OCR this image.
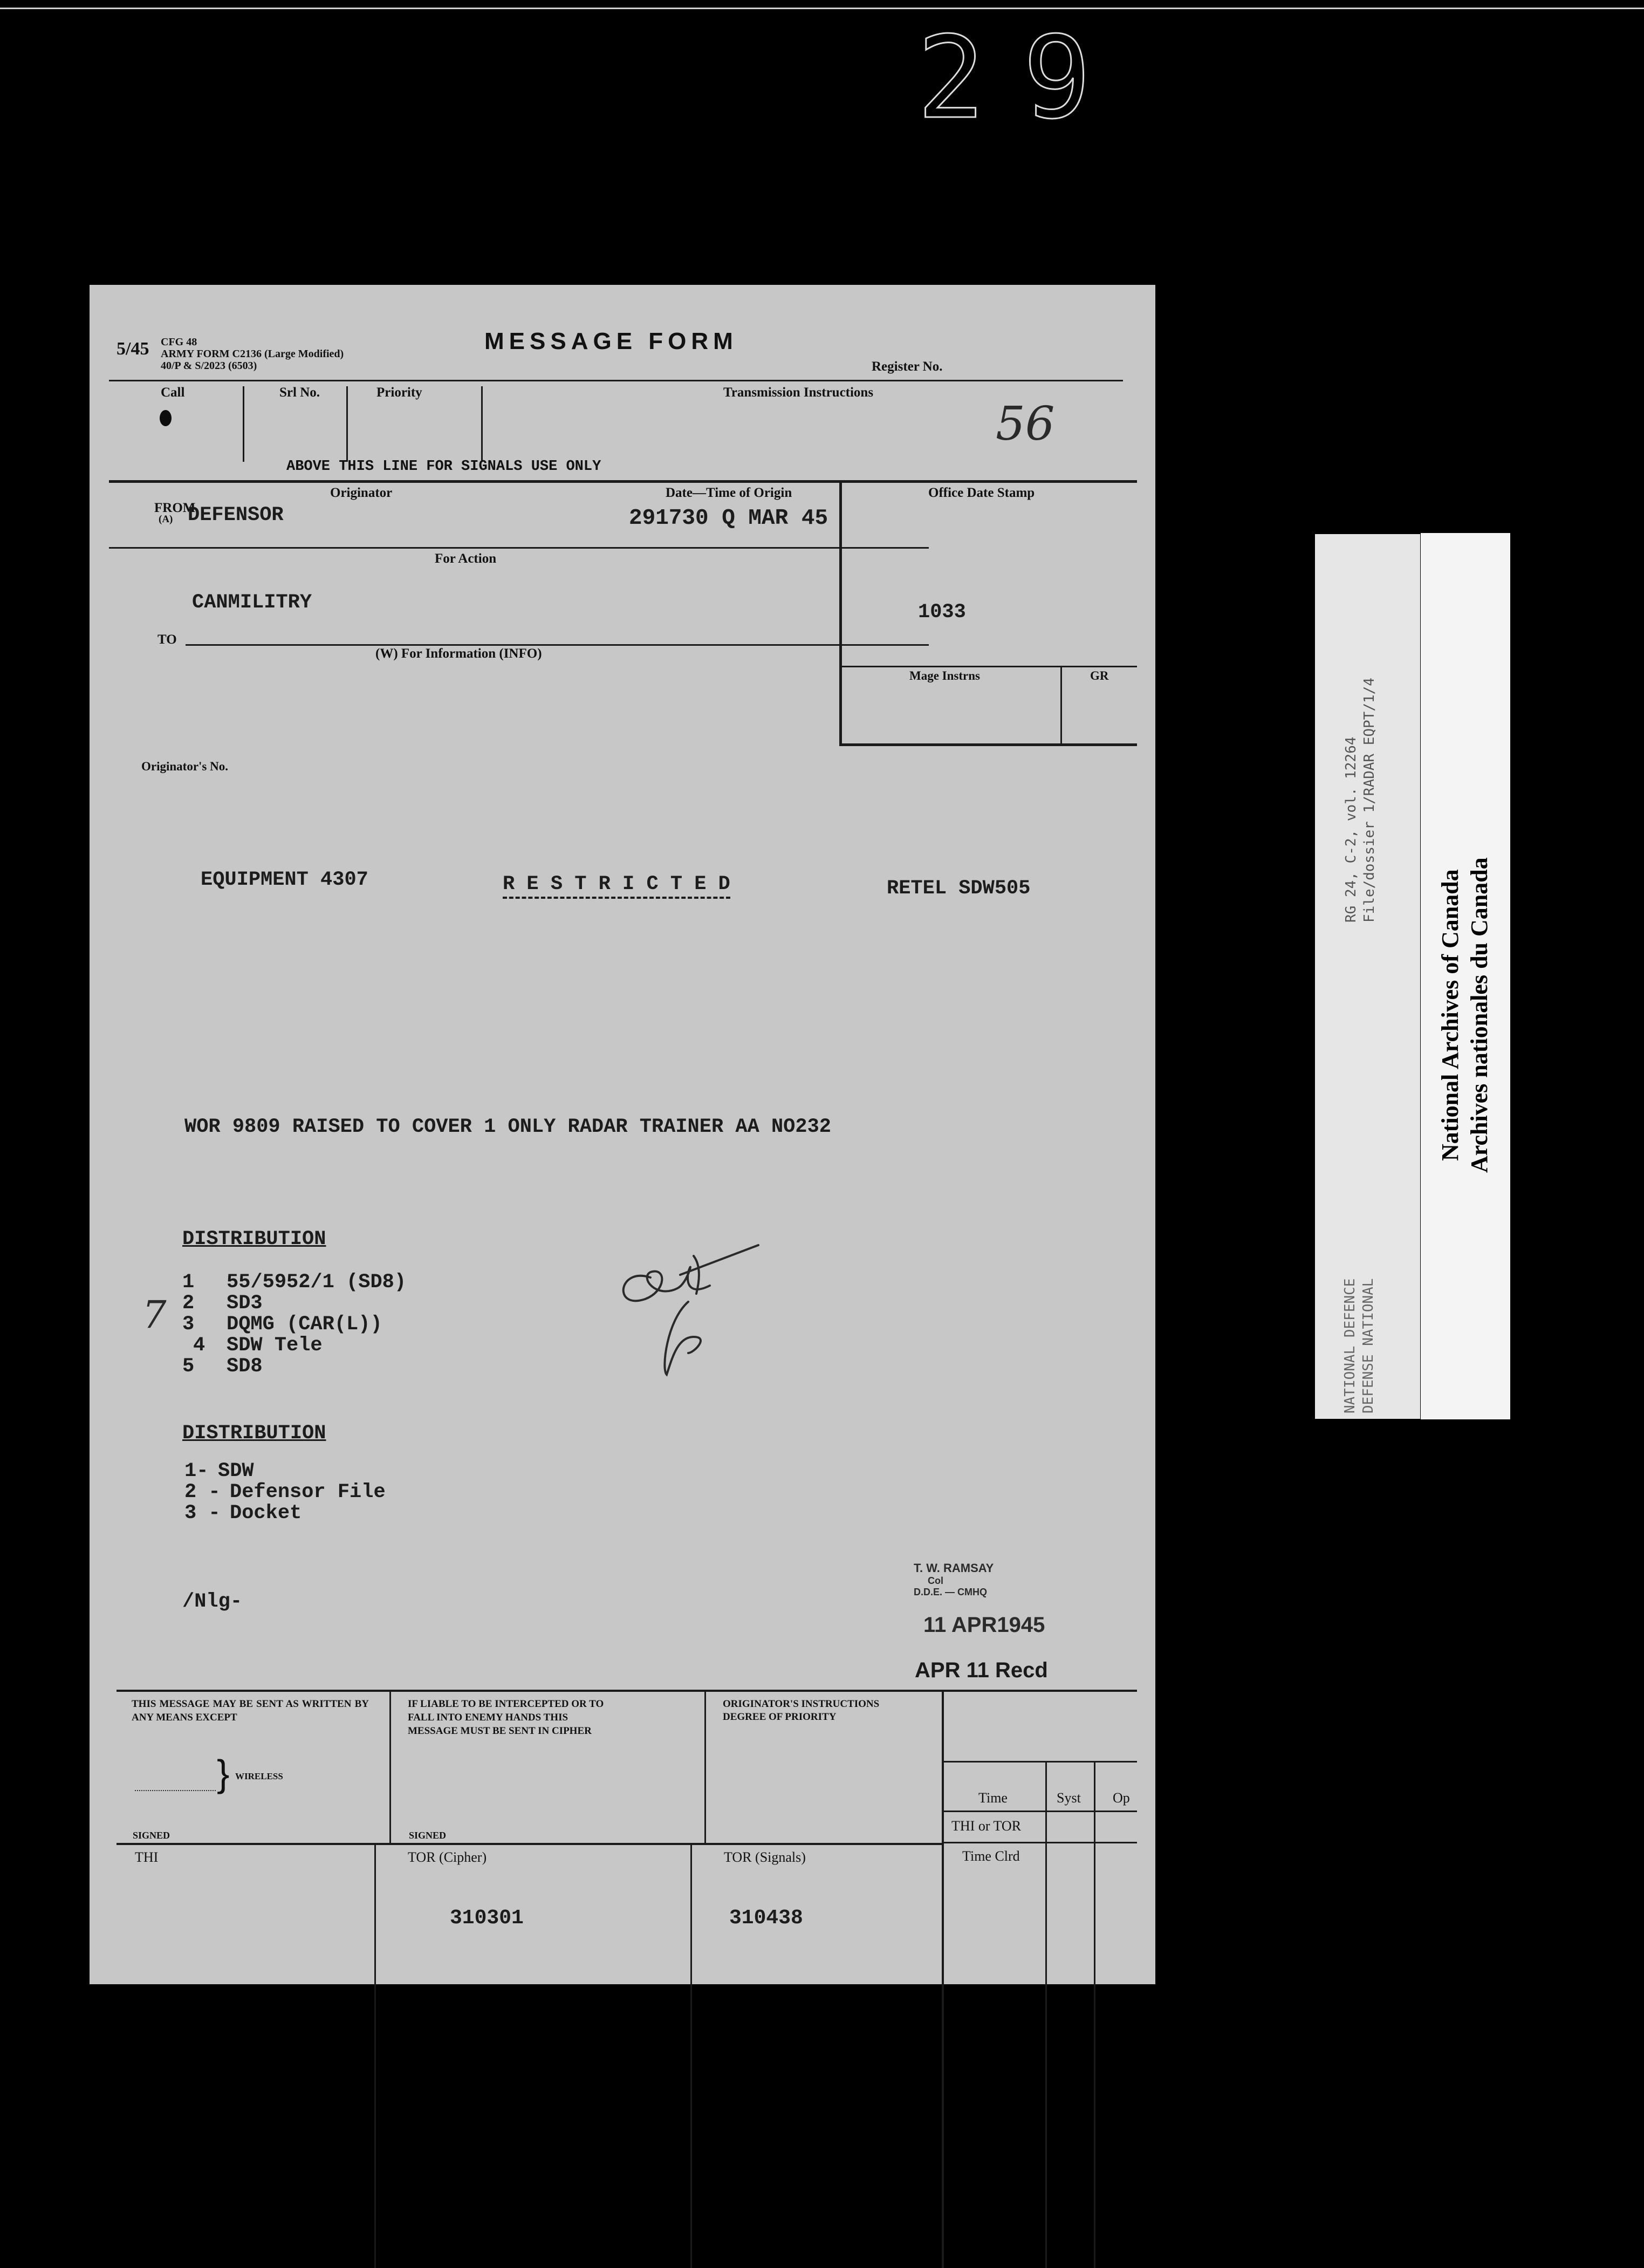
29
5/45 CFG 48
ARMY FORM C2136 (Large Modified)
40/P & S/2023 (6503)
MESSAGE FORM
Register No.
56
Call	Srl No.	Priority	Transmission Instructions
ABOVE THIS LINE FOR SIGNALS USE ONLY
Originator	Date—Time of Origin	Office Date Stamp
FROM
(A) DEFENSOR	291730 Q MAR 45
For Action
CANMILITRY	1033
TO
(W) For Information (INFO)
Mage Instrns	GR
Originator's No.
EQUIPMENT 4307	R E S T R I C T E D	RETEL SDW505
WOR 9809 RAISED TO COVER 1 ONLY RADAR TRAINER AA NO232
DISTRIBUTION
1 55/5952/1 (SD8)
2 SD3
3 DQMG (CAR(L))
4 SDW Tele
5 SD8
7
DISTRIBUTION
1- SDW
2 - Defensor File
3 - Docket
/Nlg-
T. W. RAMSAY
Col
D.D.E. — CMHQ
11 APR1945
APR 11 Recd
THIS MESSAGE MAY BE SENT AS WRITTEN BY ANY MEANS EXCEPT
} WIRELESS
SIGNED
IF LIABLE TO BE INTERCEPTED OR TO FALL INTO ENEMY HANDS THIS MESSAGE MUST BE SENT IN CIPHER
SIGNED
ORIGINATOR'S INSTRUCTIONS
DEGREE OF PRIORITY
Time	Syst Op
THI or TOR
Time Clrd
THI	TOR (Cipher)
310301
TOR (Signals)
310438
RG 24, C-2, vol. 12264 File/dossier 1/RADAR EQPT/1/4
NATIONAL DEFENCE DEFENSE NATIONAL
National Archives of Canada Archives nationales du Canada
